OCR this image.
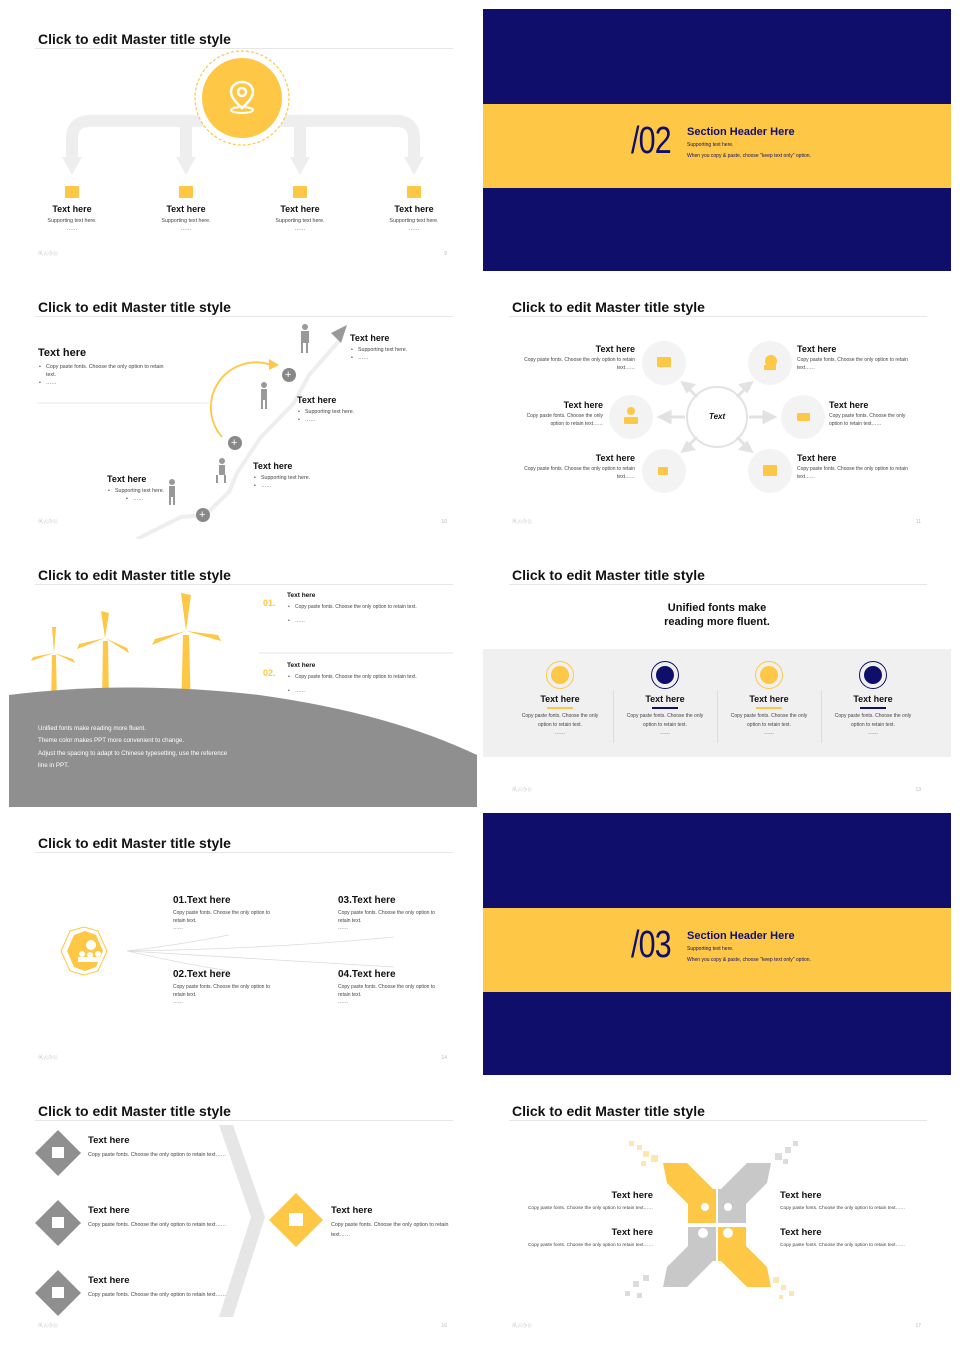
Click to edit Master title style
Text here
Supporting text here.
……
Text here
Supporting text here.
……
Text here
Supporting text here.
……
Text here
Supporting text here.
……
风云办公	9
/02 Section Header Here
Supporting text here.
When you copy & paste, choose "keep text only" option.
Click to edit Master title style
+
+
+
Text here
• Copy paste fonts. Choose the only option to retain text.
• ……
Text here
• Supporting text here.
• ……
Text here
• Supporting text here.
• ……
Text here
• Supporting text here.
• ……
Text here
• Supporting text here.
• ……
风云办公	10
Click to edit Master title style
Text
Text here
Copy paste fonts. Choose the only option to retain text……
Text here
Copy paste fonts. Choose the only option to retain text……
Text here
Copy paste fonts. Choose the only option to retain text……
Text here
Copy paste fonts. Choose the only option to retain text……
Text here
Copy paste fonts. Choose the only option to retain text……
Text here
Copy paste fonts. Choose the only option to retain text……
风云办公	11
Click to edit Master title style
01.
Text here
• Copy paste fonts. Choose the only option to retain text.
• ……
02.
Text here
• Copy paste fonts. Choose the only option to retain text.
• ……
Unified fonts make reading more fluent.
Theme color makes PPT more convenient to change.
Adjust the spacing to adapt to Chinese typesetting, use the reference
line in PPT.
Click to edit Master title style
Unified fonts make
reading more fluent.
Text here
Copy paste fonts. Choose the only option to retain text.
……
Text here
Copy paste fonts. Choose the only option to retain text.
……
Text here
Copy paste fonts. Choose the only option to retain text.
……
Text here
Copy paste fonts. Choose the only option to retain text.
……
风云办公	13
Click to edit Master title style
01.Text here
Copy paste fonts. Choose the only option to retain text.
……
03.Text here
Copy paste fonts. Choose the only option to retain text.
……
02.Text here
Copy paste fonts. Choose the only option to retain text.
……
04.Text here
Copy paste fonts. Choose the only option to retain text.
……
风云办公	14
/03 Section Header Here
Supporting text here.
When you copy & paste, choose "keep text only" option.
Click to edit Master title style
Text here
Copy paste fonts. Choose the only option to retain text……
Text here
Copy paste fonts. Choose the only option to retain text……
Text here
Copy paste fonts. Choose the only option to retain text……
Text here
Copy paste fonts. Choose the only option to retain text……
风云办公	16
Click to edit Master title style
Text here
Copy paste fonts. Choose the only option to retain text……
Text here
Copy paste fonts. Choose the only option to retain text……
Text here
Copy paste fonts. Choose the only option to retain text……
Text here
Copy paste fonts. Choose the only option to retain text……
风云办公	17
